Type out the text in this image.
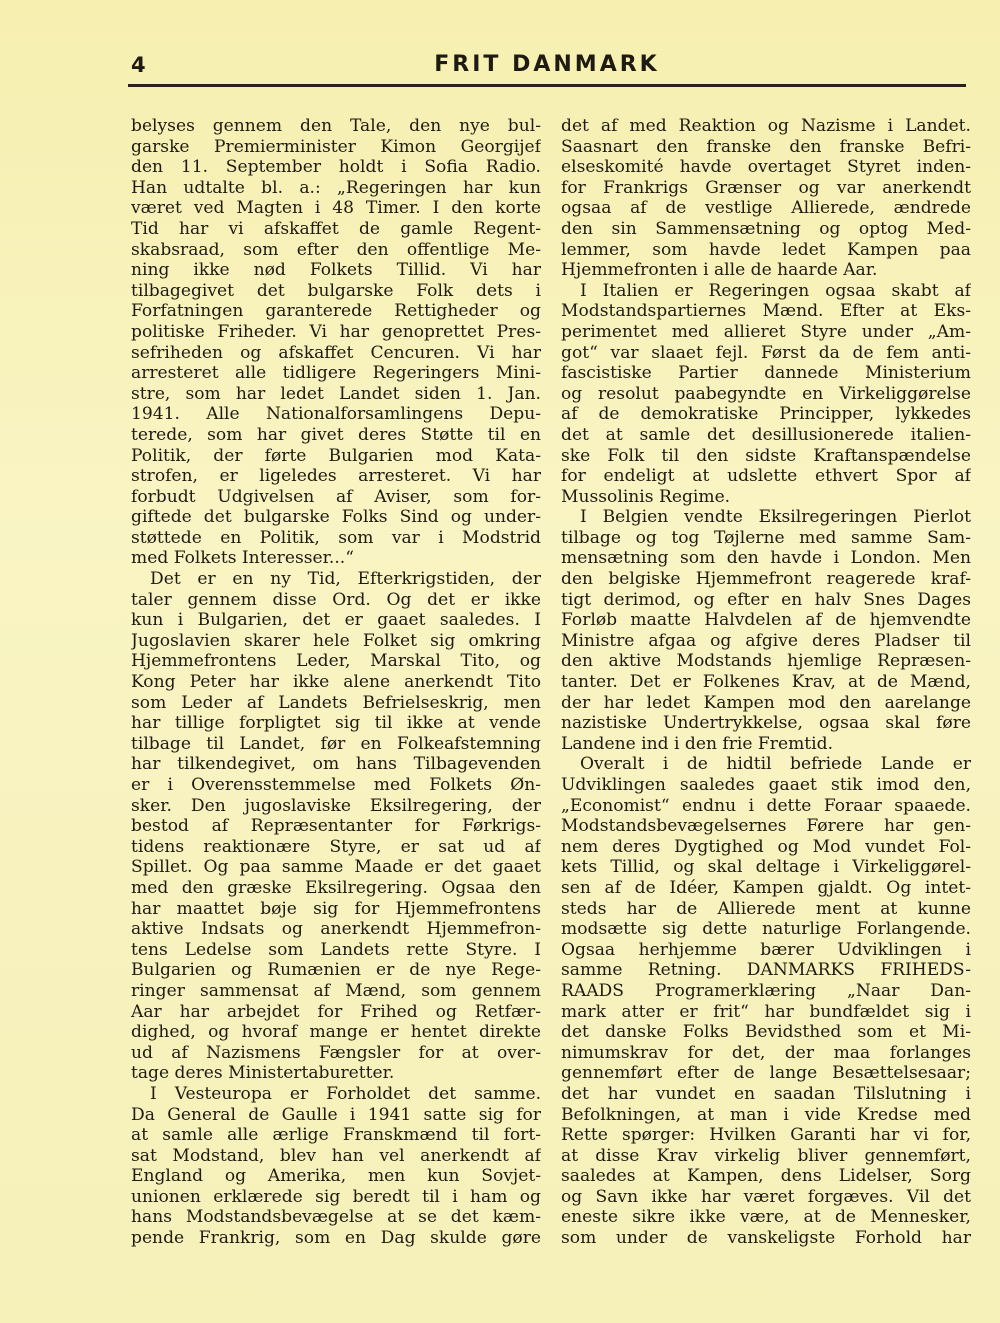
4	FRIT DANMARK
belyses gennem den Tale, den nye bul-
garske Premierminister Kimon Georgijef
den 11. September holdt i Sofia Radio.
Han udtalte bl. a.: „Regeringen har kun
været ved Magten i 48 Timer. I den korte
Tid har vi afskaffet de gamle Regent-
skabsraad, som efter den offentlige Me-
ning ikke nød Folkets Tillid. Vi har
tilbagegivet det bulgarske Folk dets i
Forfatningen garanterede Rettigheder og
politiske Friheder. Vi har genoprettet Pres-
sefriheden og afskaffet Cencuren. Vi har
arresteret alle tidligere Regeringers Mini-
stre, som har ledet Landet siden 1. Jan.
1941. Alle Nationalforsamlingens Depu-
terede, som har givet deres Støtte til en
Politik, der førte Bulgarien mod Kata-
strofen, er ligeledes arresteret. Vi har
forbudt Udgivelsen af Aviser, som for-
giftede det bulgarske Folks Sind og under-
støttede en Politik, som var i Modstrid
med Folkets Interesser...“
Det er en ny Tid, Efterkrigstiden, der
taler gennem disse Ord. Og det er ikke
kun i Bulgarien, det er gaaet saaledes. I
Jugoslavien skarer hele Folket sig omkring
Hjemmefrontens Leder, Marskal Tito, og
Kong Peter har ikke alene anerkendt Tito
som Leder af Landets Befrielseskrig, men
har tillige forpligtet sig til ikke at vende
tilbage til Landet, før en Folkeafstemning
har tilkendegivet, om hans Tilbagevenden
er i Overensstemmelse med Folkets Øn-
sker. Den jugoslaviske Eksilregering, der
bestod af Repræsentanter for Førkrigs-
tidens reaktionære Styre, er sat ud af
Spillet. Og paa samme Maade er det gaaet
med den græske Eksilregering. Ogsaa den
har maattet bøje sig for Hjemmefrontens
aktive Indsats og anerkendt Hjemmefron-
tens Ledelse som Landets rette Styre. I
Bulgarien og Rumænien er de nye Rege-
ringer sammensat af Mænd, som gennem
Aar har arbejdet for Frihed og Retfær-
dighed, og hvoraf mange er hentet direkte
ud af Nazismens Fængsler for at over-
tage deres Ministertaburetter.
I Vesteuropa er Forholdet det samme.
Da General de Gaulle i 1941 satte sig for
at samle alle ærlige Franskmænd til fort-
sat Modstand, blev han vel anerkendt af
England og Amerika, men kun Sovjet-
unionen erklærede sig beredt til i ham og
hans Modstandsbevægelse at se det kæm-
pende Frankrig, som en Dag skulde gøre
det af med Reaktion og Nazisme i Landet.
Saasnart den franske den franske Befri-
elseskomité havde overtaget Styret inden-
for Frankrigs Grænser og var anerkendt
ogsaa af de vestlige Allierede, ændrede
den sin Sammensætning og optog Med-
lemmer, som havde ledet Kampen paa
Hjemmefronten i alle de haarde Aar.
I Italien er Regeringen ogsaa skabt af
Modstandspartiernes Mænd. Efter at Eks-
perimentet med allieret Styre under „Am-
got“ var slaaet fejl. Først da de fem anti-
fascistiske Partier dannede Ministerium
og resolut paabegyndte en Virkeliggørelse
af de demokratiske Principper, lykkedes
det at samle det desillusionerede italien-
ske Folk til den sidste Kraftanspændelse
for endeligt at udslette ethvert Spor af
Mussolinis Regime.
I Belgien vendte Eksilregeringen Pierlot
tilbage og tog Tøjlerne med samme Sam-
mensætning som den havde i London. Men
den belgiske Hjemmefront reagerede kraf-
tigt derimod, og efter en halv Snes Dages
Forløb maatte Halvdelen af de hjemvendte
Ministre afgaa og afgive deres Pladser til
den aktive Modstands hjemlige Repræsen-
tanter. Det er Folkenes Krav, at de Mænd,
der har ledet Kampen mod den aarelange
nazistiske Undertrykkelse, ogsaa skal føre
Landene ind i den frie Fremtid.
Overalt i de hidtil befriede Lande er
Udviklingen saaledes gaaet stik imod den,
„Economist“ endnu i dette Foraar spaaede.
Modstandsbevægelsernes Førere har gen-
nem deres Dygtighed og Mod vundet Fol-
kets Tillid, og skal deltage i Virkeliggørel-
sen af de Idéer, Kampen gjaldt. Og intet-
steds har de Allierede ment at kunne
modsætte sig dette naturlige Forlangende.
Ogsaa herhjemme bærer Udviklingen i
samme Retning. DANMARKS FRIHEDS-
RAADS Programerklæring „Naar Dan-
mark atter er frit“ har bundfældet sig i
det danske Folks Bevidsthed som et Mi-
nimumskrav for det, der maa forlanges
gennemført efter de lange Besættelsesaar;
det har vundet en saadan Tilslutning i
Befolkningen, at man i vide Kredse med
Rette spørger: Hvilken Garanti har vi for,
at disse Krav virkelig bliver gennemført,
saaledes at Kampen, dens Lidelser, Sorg
og Savn ikke har været forgæves. Vil det
eneste sikre ikke være, at de Mennesker,
som under de vanskeligste Forhold har
